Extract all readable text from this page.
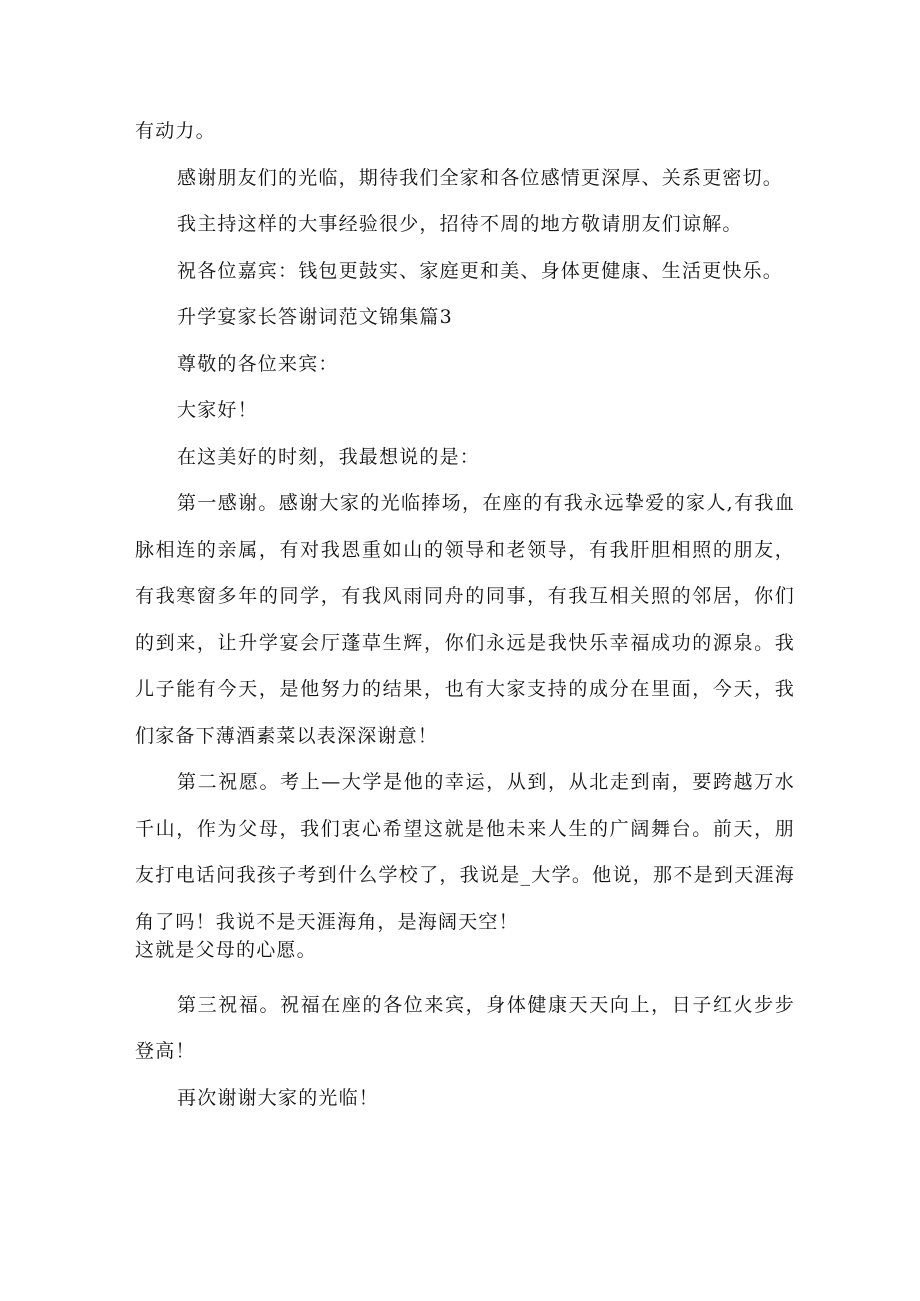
有动力。

感谢朋友们的光临，期待我们全家和各位感情更深厚、关系更密切。

我主持这样的大事经验很少，招待不周的地方敬请朋友们谅解。

祝各位嘉宾：钱包更鼓实、家庭更和美、身体更健康、生活更快乐。

升学宴家长答谢词范文锦集篇3

尊敬的各位来宾：

大家好！

在这美好的时刻，我最想说的是：

第一感谢。感谢大家的光临捧场，在座的有我永远挚爱的家人,有我血脉相连的亲属，有对我恩重如山的领导和老领导，有我肝胆相照的朋友，有我寒窗多年的同学，有我风雨同舟的同事，有我互相关照的邻居，你们的到来，让升学宴会厅蓬草生辉，你们永远是我快乐幸福成功的源泉。我儿子能有今天，是他努力的结果，也有大家支持的成分在里面，今天，我们家备下薄酒素菜以表深深谢意！

第二祝愿。考上—大学是他的幸运，从到，从北走到南，要跨越万水千山，作为父母，我们衷心希望这就是他未来人生的广阔舞台。前天，朋友打电话问我孩子考到什么学校了，我说是_大学。他说，那不是到天涯海角了吗！我说不是天涯海角，是海阔天空！

这就是父母的心愿。

第三祝福。祝福在座的各位来宾，身体健康天天向上，日子红火步步登高！

再次谢谢大家的光临！
